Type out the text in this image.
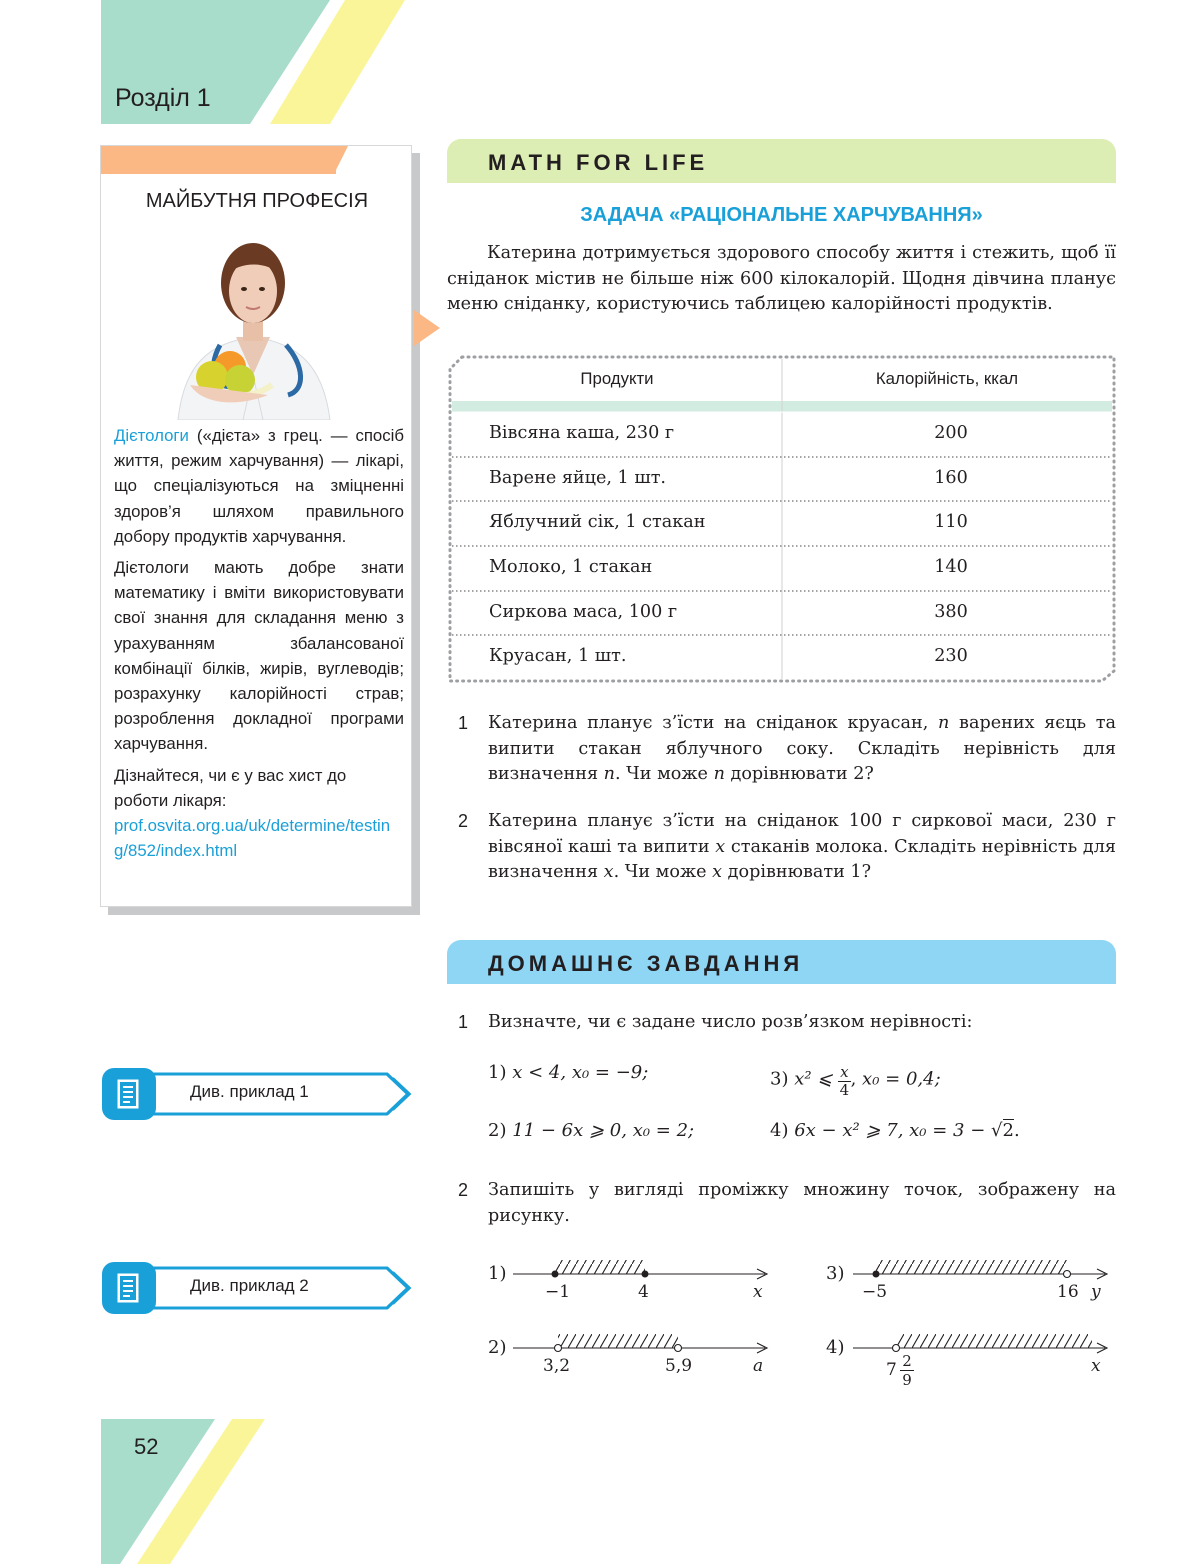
Розділ 1
МАЙБУТНЯ ПРОФЕСІЯ

Дієтологи («дієта» з грец. — спосіб життя, режим харчування) — лікарі, що спеціалізуються на зміцненні здоров’я шляхом правильного добору продуктів харчування.

Дієтологи мають добре знати математику і вміти використовувати свої знання для складання меню з урахуванням збалансованої комбінації білків, жирів, вуглеводів; розрахунку калорійності страв; розроблення докладної програми харчування.

Дізнайтеся, чи є у вас хист до роботи лікаря:

prof.osvita.org.ua/uk/determine/testing/852/index.html
MATH FOR LIFE
ЗАДАЧА «РАЦІОНАЛЬНЕ ХАРЧУВАННЯ»

Катерина дотримується здорового способу життя і стежить, щоб її сніданок містив не більше ніж 600 кілокалорій. Щодня дівчина планує меню сніданку, користуючись таблицею калорійності продуктів.

Продукти	Калорійність, ккал
Вівсяна каша, 230 г	200
Варене яйце, 1 шт.	160
Яблучний сік, 1 стакан	110
Молоко, 1 стакан	140
Сиркова маса, 100 г	380
Круасан, 1 шт.	230
1 Катерина планує з’їсти на сніданок круасан, n варених яєць та випити стакан яблучного соку. Складіть нерівність для визначення n. Чи може n дорівнювати 2?

2 Катерина планує з’їсти на сніданок 100 г сиркової маси, 230 г вівсяної каші та випити x стаканів молока. Складіть нерівність для визначення x. Чи може x дорівнювати 1?

ДОМАШНЄ ЗАВДАННЯ
1 Визначте, чи є задане число розв’язком нерівності:
1) x < 4, x₀ = −9;
2) 11 − 6x ⩾ 0, x₀ = 2;
3) x² ⩽ $\frac{x}{4}$ , x₀ = 0,4;
4) 6x − x² ⩾ 7, x₀ = 3 − √2.
2 Запишіть у вигляді проміжку множину точок, зображену на рисунку.

1)
−1	4	x
2)
3,2	5,9	a
3)
−5	16 y
4)
7 2
9
x
Див. приклад 1
Див. приклад 2
52
